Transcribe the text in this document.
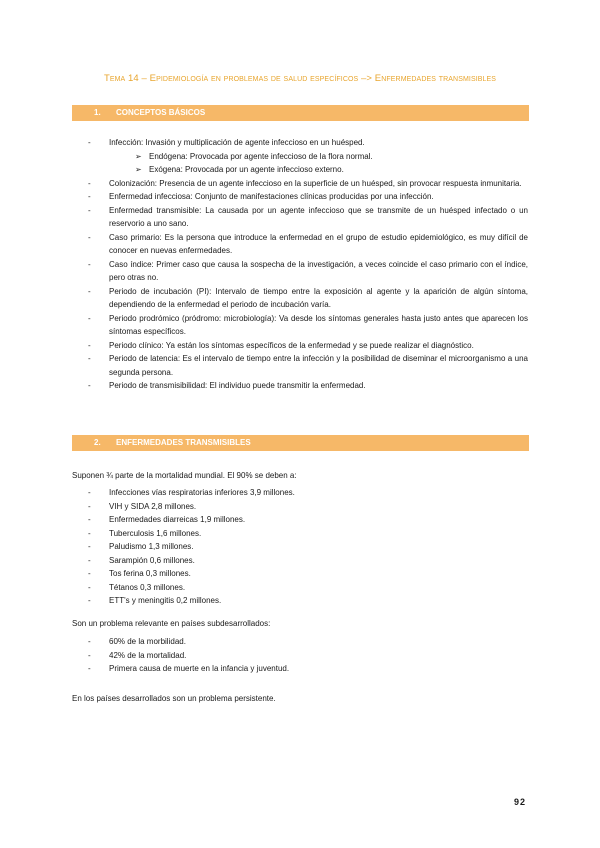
Tema 14 – Epidemiología en problemas de salud específicos –> Enfermedades transmisibles
1. CONCEPTOS BÁSICOS
- Infección: Invasión y multiplicación de agente infeccioso en un huésped.
➢ Endógena: Provocada por agente infeccioso de la flora normal.
➢ Exógena: Provocada por un agente infeccioso externo.
- Colonización: Presencia de un agente infeccioso en la superficie de un huésped, sin provocar respuesta inmunitaria.
- Enfermedad infecciosa: Conjunto de manifestaciones clínicas producidas por una infección.
- Enfermedad transmisible: La causada por un agente infeccioso que se transmite de un huésped infectado o un reservorio a uno sano.
- Caso primario: Es la persona que introduce la enfermedad en el grupo de estudio epidemiológico, es muy difícil de conocer en nuevas enfermedades.
- Caso índice: Primer caso que causa la sospecha de la investigación, a veces coincide el caso primario con el índice, pero otras no.
- Periodo de incubación (PI): Intervalo de tiempo entre la exposición al agente y la aparición de algún síntoma, dependiendo de la enfermedad el periodo de incubación varía.
- Periodo prodrómico (pródromo: microbiología): Va desde los síntomas generales hasta justo antes que aparecen los síntomas específicos.
- Periodo clínico: Ya están los síntomas específicos de la enfermedad y se puede realizar el diagnóstico.
- Periodo de latencia: Es el intervalo de tiempo entre la infección y la posibilidad de diseminar el microorganismo a una segunda persona.
- Periodo de transmisibilidad: El individuo puede transmitir la enfermedad.
2. ENFERMEDADES TRANSMISIBLES
Suponen ¾ parte de la mortalidad mundial. El 90% se deben a:
- Infecciones vías respiratorias inferiores 3,9 millones.
- VIH y SIDA 2,8 millones.
- Enfermedades diarreicas 1,9 millones.
- Tuberculosis 1,6 millones.
- Paludismo 1,3 millones.
- Sarampión 0,6 millones.
- Tos ferina 0,3 millones.
- Tétanos 0,3 millones.
- ETT's y meningitis 0,2 millones.
Son un problema relevante en países subdesarrollados:
- 60% de la morbilidad.
- 42% de la mortalidad.
- Primera causa de muerte en la infancia y juventud.
En los países desarrollados son un problema persistente.
92
